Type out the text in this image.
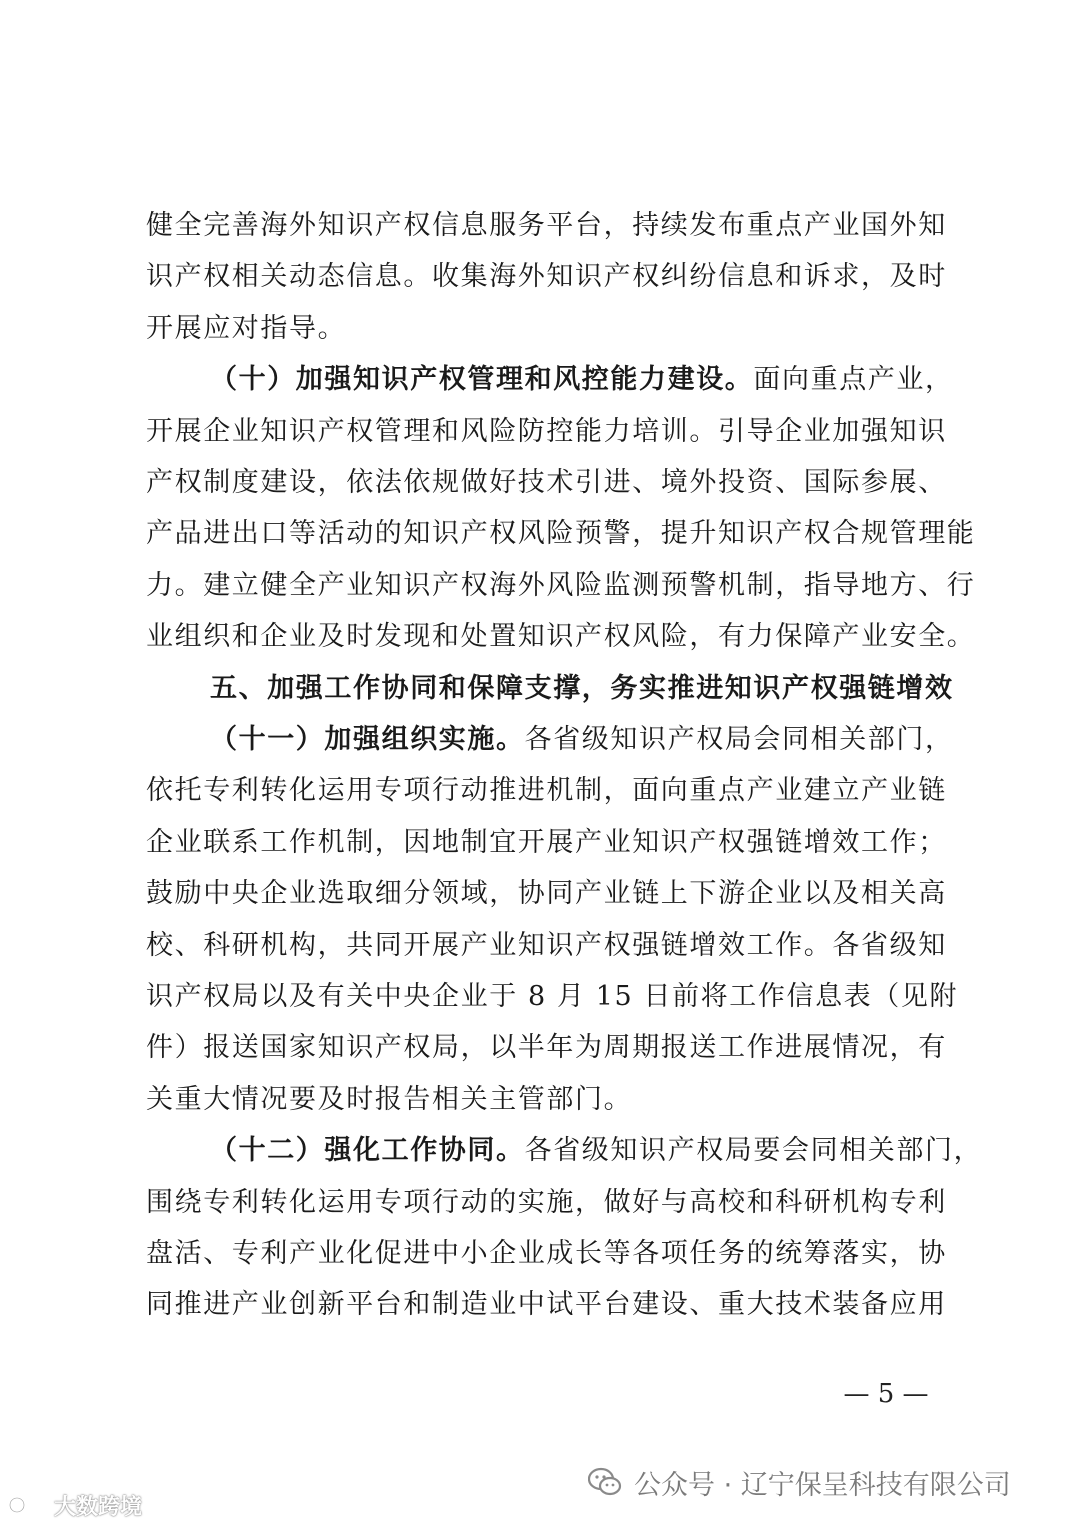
健全完善海外知识产权信息服务平台，持续发布重点产业国外知
识产权相关动态信息。收集海外知识产权纠纷信息和诉求，及时
开展应对指导。
（十）加强知识产权管理和风控能力建设。面向重点产业，
开展企业知识产权管理和风险防控能力培训。引导企业加强知识
产权制度建设，依法依规做好技术引进、境外投资、国际参展、
产品进出口等活动的知识产权风险预警，提升知识产权合规管理能
力。建立健全产业知识产权海外风险监测预警机制，指导地方、行
业组织和企业及时发现和处置知识产权风险，有力保障产业安全。
五、加强工作协同和保障支撑，务实推进知识产权强链增效
（十一）加强组织实施。各省级知识产权局会同相关部门，
依托专利转化运用专项行动推进机制，面向重点产业建立产业链
企业联系工作机制，因地制宜开展产业知识产权强链增效工作；
鼓励中央企业选取细分领域，协同产业链上下游企业以及相关高
校、科研机构，共同开展产业知识产权强链增效工作。各省级知
识产权局以及有关中央企业于 8 月 15 日前将工作信息表（见附
件）报送国家知识产权局，以半年为周期报送工作进展情况，有
关重大情况要及时报告相关主管部门。
（十二）强化工作协同。各省级知识产权局要会同相关部门，
围绕专利转化运用专项行动的实施，做好与高校和科研机构专利
盘活、专利产业化促进中小企业成长等各项任务的统筹落实，协
同推进产业创新平台和制造业中试平台建设、重大技术装备应用
— 5 —
公众号 · 辽宁保呈科技有限公司
大数跨境
